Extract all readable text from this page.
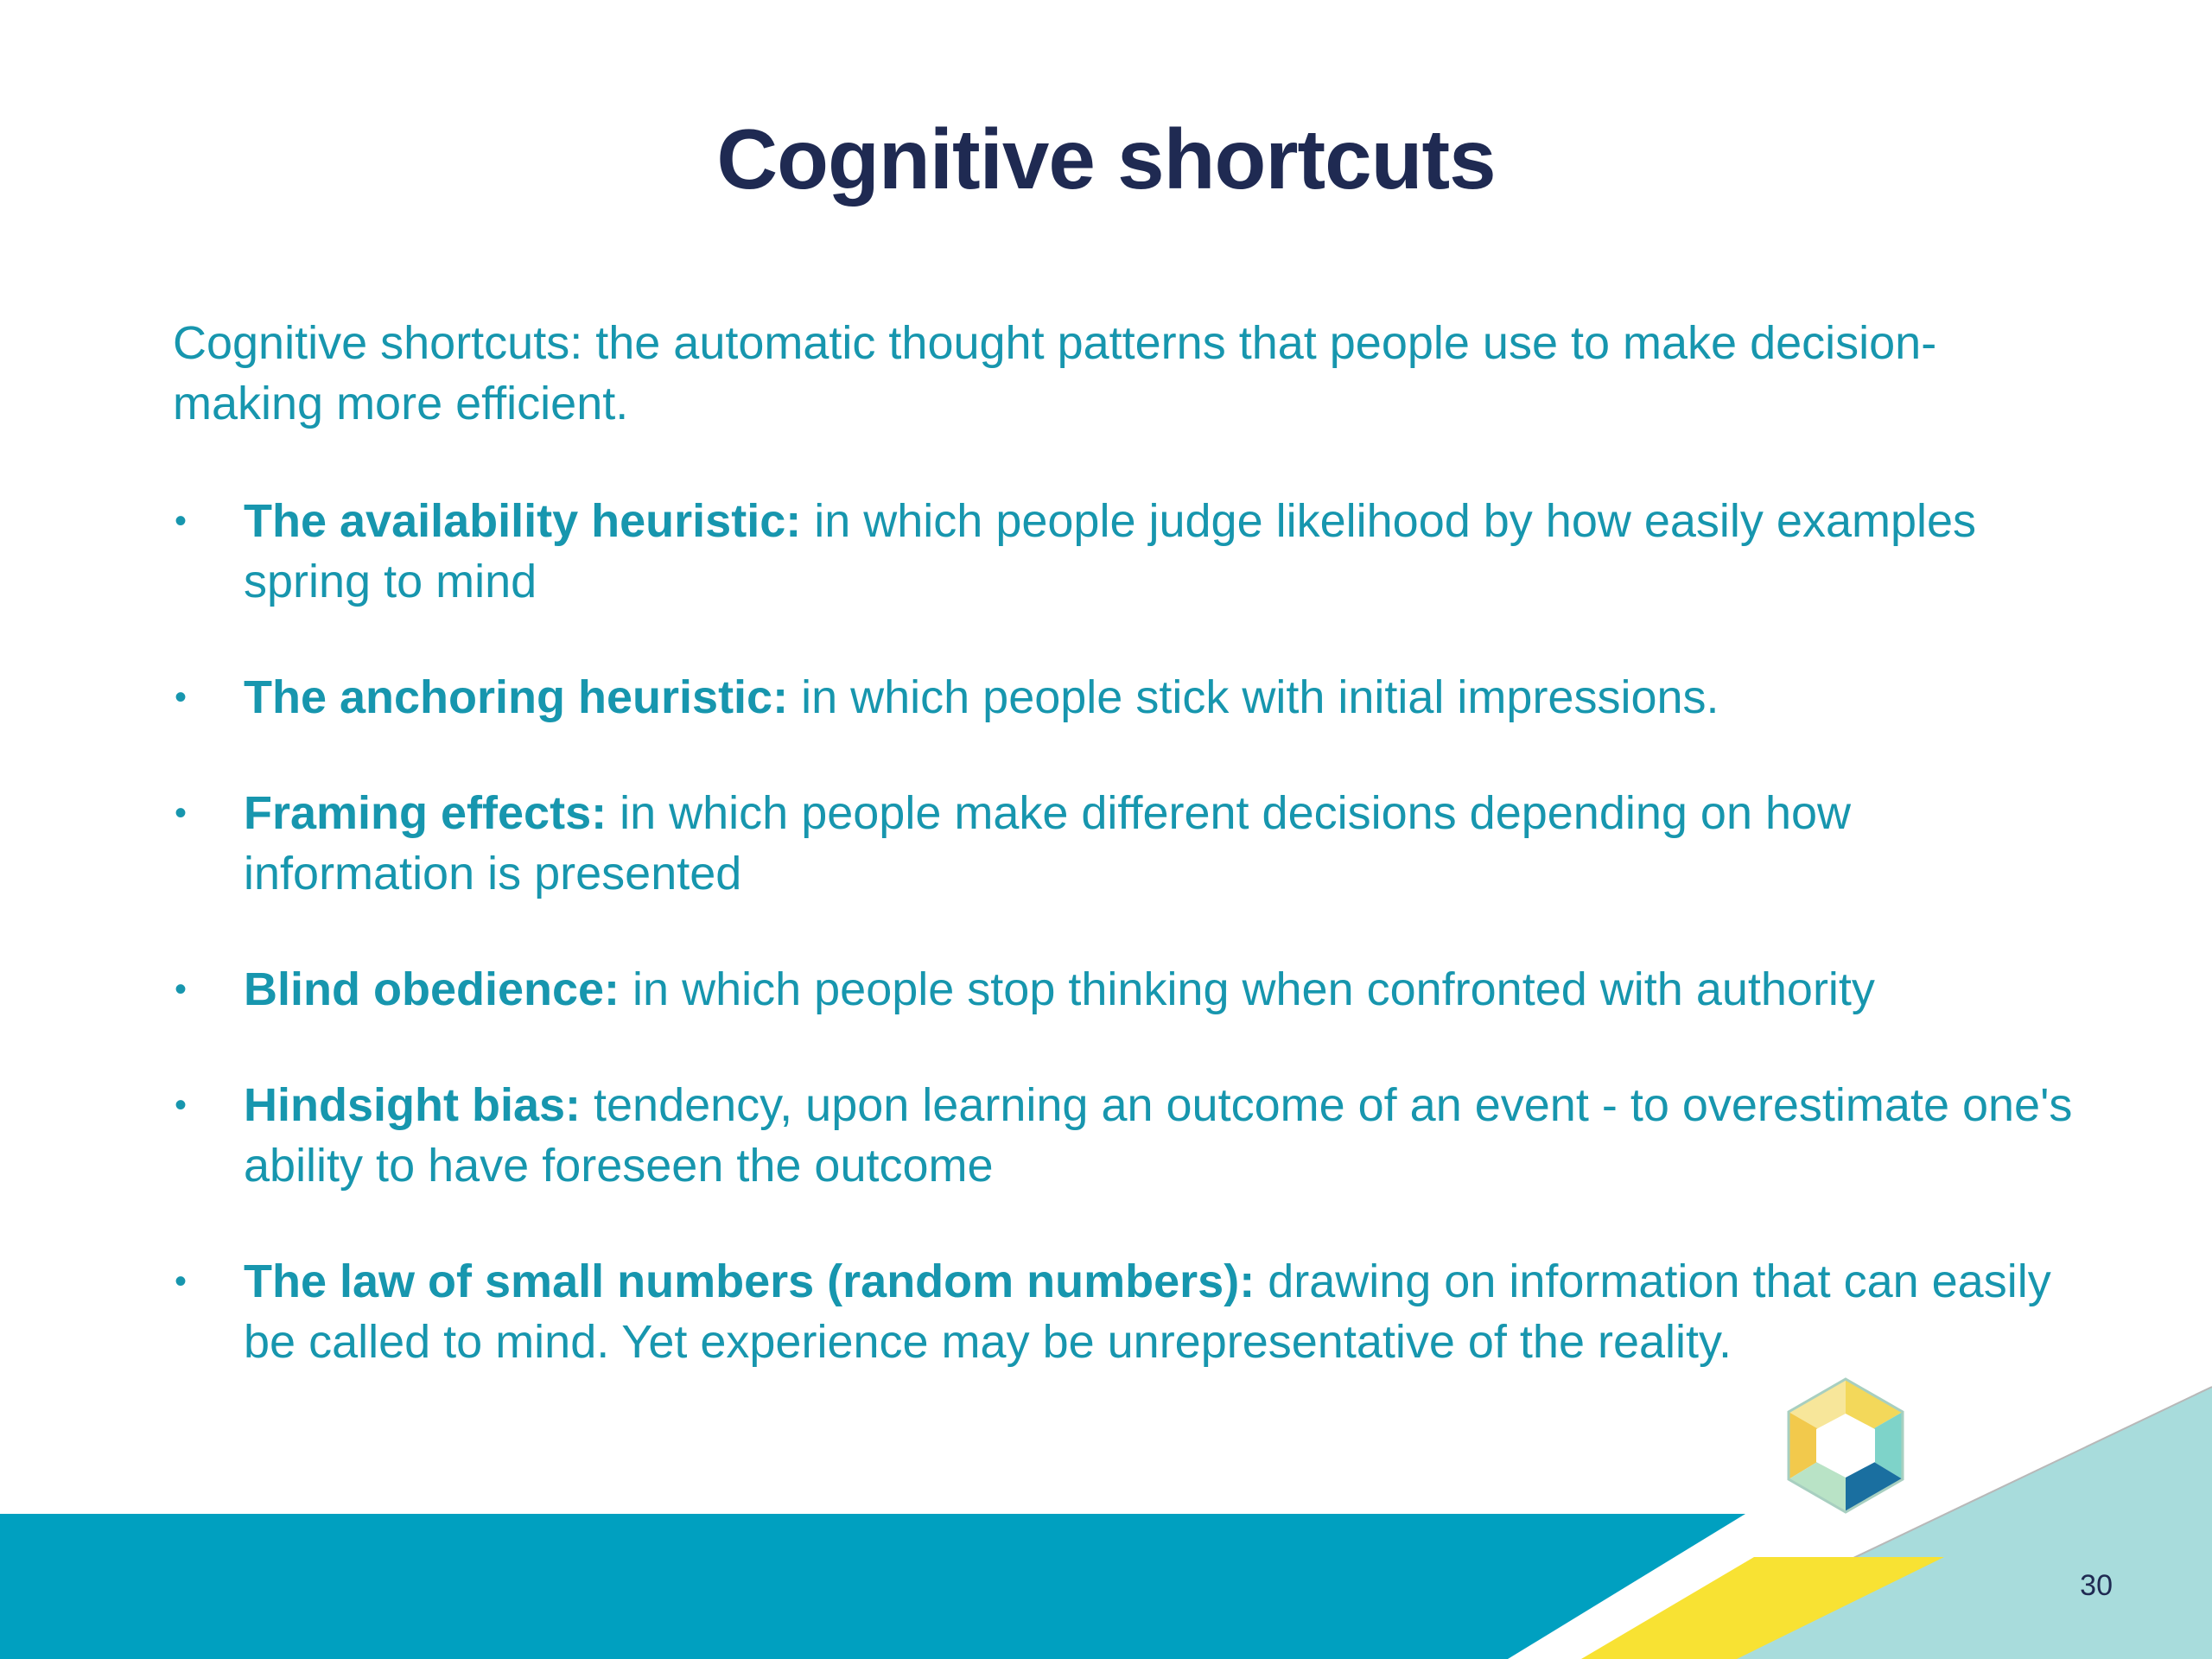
Cognitive shortcuts

Cognitive shortcuts: the automatic thought patterns that people use to make decision-making more efficient.

• The availability heuristic: in which people judge likelihood by how easily examples spring to mind
• The anchoring heuristic: in which people stick with initial impressions.
• Framing effects: in which people make different decisions depending on how information is presented
• Blind obedience: in which people stop thinking when confronted with authority
• Hindsight bias: tendency, upon learning an outcome of an event - to overestimate one's ability to have foreseen the outcome
• The law of small numbers (random numbers): drawing on information that can easily be called to mind. Yet experience may be unrepresentative of the reality.
30
